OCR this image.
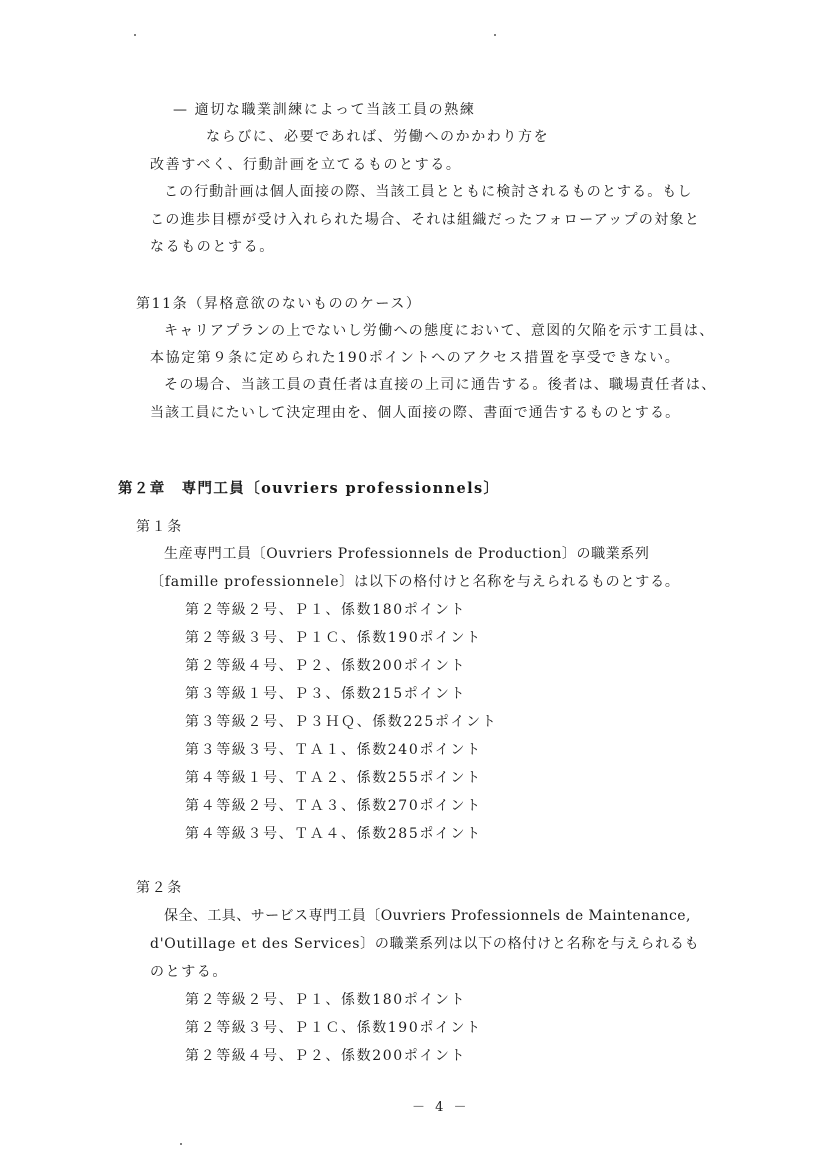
— 適切な職業訓練によって当該工員の熟練
ならびに、必要であれば、労働へのかかわり方を
改善すべく、行動計画を立てるものとする。
この行動計画は個人面接の際、当該工員とともに検討されるものとする。もし
この進歩目標が受け入れられた場合、それは組織だったフォローアップの対象と
なるものとする。
第11条（昇格意欲のないもののケース）
キャリアプランの上でないし労働への態度において、意図的欠陥を示す工員は、
本協定第９条に定められた190ポイントへのアクセス措置を享受できない。
その場合、当該工員の責任者は直接の上司に通告する。後者は、職場責任者は、
当該工員にたいして決定理由を、個人面接の際、書面で通告するものとする。
第２章　専門工員〔ouvriers professionnels〕
第１条
生産専門工員〔Ouvriers Professionnels de Production〕の職業系列
〔famille professionnele〕は以下の格付けと名称を与えられるものとする。
第２等級２号、Ｐ１、係数180ポイント
第２等級３号、Ｐ１Ｃ、係数190ポイント
第２等級４号、Ｐ２、係数200ポイント
第３等級１号、Ｐ３、係数215ポイント
第３等級２号、Ｐ３ＨＱ、係数225ポイント
第３等級３号、ＴＡ１、係数240ポイント
第４等級１号、ＴＡ２、係数255ポイント
第４等級２号、ＴＡ３、係数270ポイント
第４等級３号、ＴＡ４、係数285ポイント
第２条
保全、工具、サービス専門工員〔Ouvriers Professionnels de Maintenance,
d'Outillage et des Services〕の職業系列は以下の格付けと名称を与えられるも
のとする。
第２等級２号、Ｐ１、係数180ポイント
第２等級３号、Ｐ１Ｃ、係数190ポイント
第２等級４号、Ｐ２、係数200ポイント
－ 4 －
